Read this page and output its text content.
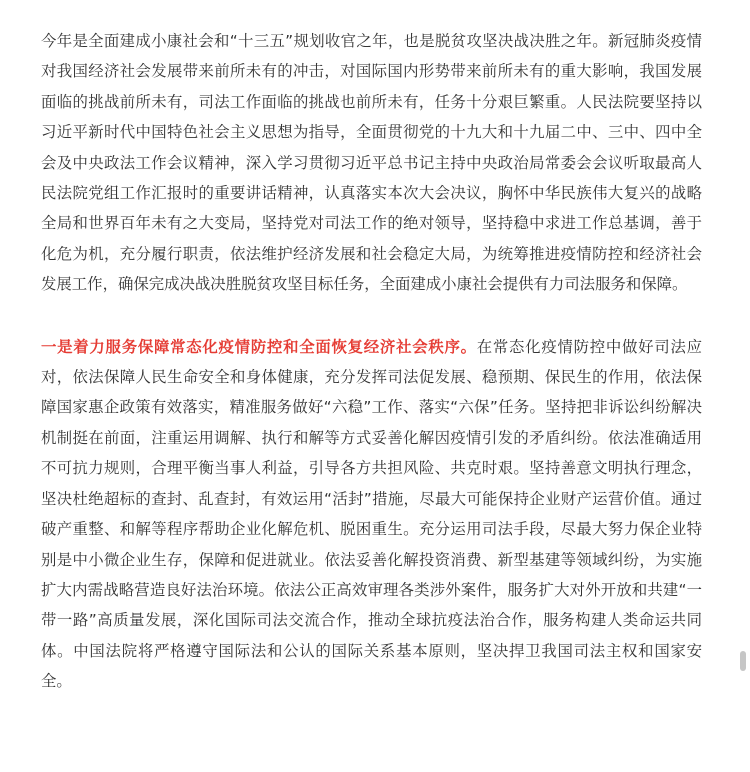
今年是全面建成小康社会和“十三五”规划收官之年，也是脱贫攻坚决战决胜之年。新冠肺炎疫情对我国经济社会发展带来前所未有的冲击，对国际国内形势带来前所未有的重大影响，我国发展面临的挑战前所未有，司法工作面临的挑战也前所未有，任务十分艰巨繁重。人民法院要坚持以习近平新时代中国特色社会主义思想为指导，全面贯彻党的十九大和十九届二中、三中、四中全会及中央政法工作会议精神，深入学习贯彻习近平总书记主持中央政治局常委会会议听取最高人民法院党组工作汇报时的重要讲话精神，认真落实本次大会决议，胸怀中华民族伟大复兴的战略全局和世界百年未有之大变局，坚持党对司法工作的绝对领导，坚持稳中求进工作总基调，善于化危为机，充分履行职责，依法维护经济发展和社会稳定大局，为统筹推进疫情防控和经济社会发展工作，确保完成决战决胜脱贫攻坚目标任务，全面建成小康社会提供有力司法服务和保障。

一是着力服务保障常态化疫情防控和全面恢复经济社会秩序。在常态化疫情防控中做好司法应对，依法保障人民生命安全和身体健康，充分发挥司法促发展、稳预期、保民生的作用，依法保障国家惠企政策有效落实，精准服务做好“六稳”工作、落实“六保”任务。坚持把非诉讼纠纷解决机制挺在前面，注重运用调解、执行和解等方式妥善化解因疫情引发的矛盾纠纷。依法准确适用不可抗力规则，合理平衡当事人利益，引导各方共担风险、共克时艰。坚持善意文明执行理念，坚决杜绝超标的查封、乱查封，有效运用“活封”措施，尽最大可能保持企业财产运营价值。通过破产重整、和解等程序帮助企业化解危机、脱困重生。充分运用司法手段，尽最大努力保企业特别是中小微企业生存，保障和促进就业。依法妥善化解投资消费、新型基建等领域纠纷，为实施扩大内需战略营造良好法治环境。依法公正高效审理各类涉外案件，服务扩大对外开放和共建“一带一路”高质量发展，深化国际司法交流合作，推动全球抗疫法治合作，服务构建人类命运共同体。中国法院将严格遵守国际法和公认的国际关系基本原则，坚决捍卫我国司法主权和国家安全。
